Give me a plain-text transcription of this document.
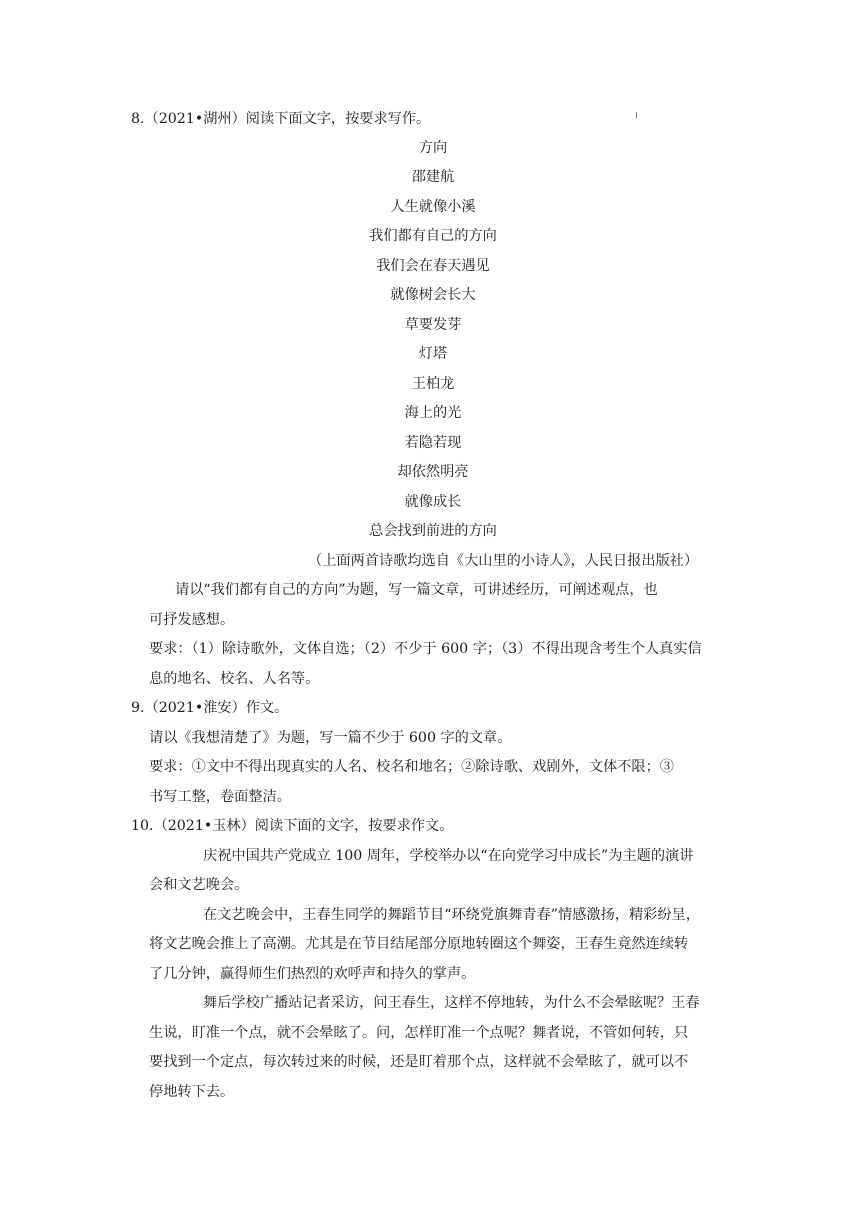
8.（2021•湖州）阅读下面文字，按要求写作。
方向
邵建航
人生就像小溪
我们都有自己的方向
我们会在春天遇见
就像树会长大
草要发芽
灯塔
王柏龙
海上的光
若隐若现
却依然明亮
就像成长
总会找到前进的方向
（上面两首诗歌均选自《大山里的小诗人》，人民日报出版社）
请以“我们都有自己的方向”为题，写一篇文章，可讲述经历，可阐述观点，也
可抒发感想。
要求：（1）除诗歌外，文体自选；（2）不少于 600 字；（3）不得出现含考生个人真实信
息的地名、校名、人名等。
9.（2021•淮安）作文。
请以《我想清楚了》为题，写一篇不少于 600 字的文章。
要求：①文中不得出现真实的人名、校名和地名；②除诗歌、戏剧外，文体不限；③
书写工整，卷面整洁。
10.（2021•玉林）阅读下面的文字，按要求作文。
庆祝中国共产党成立 100 周年，学校举办以“在向党学习中成长”为主题的演讲
会和文艺晚会。
在文艺晚会中，王春生同学的舞蹈节目“环绕党旗舞青春”情感激扬，精彩纷呈，
将文艺晚会推上了高潮。尤其是在节目结尾部分原地转圈这个舞姿，王春生竟然连续转
了几分钟，赢得师生们热烈的欢呼声和持久的掌声。
舞后学校广播站记者采访，问王春生，这样不停地转，为什么不会晕眩呢？王春
生说，盯准一个点，就不会晕眩了。问，怎样盯准一个点呢？舞者说，不管如何转，只
要找到一个定点，每次转过来的时候，还是盯着那个点，这样就不会晕眩了，就可以不
停地转下去。
